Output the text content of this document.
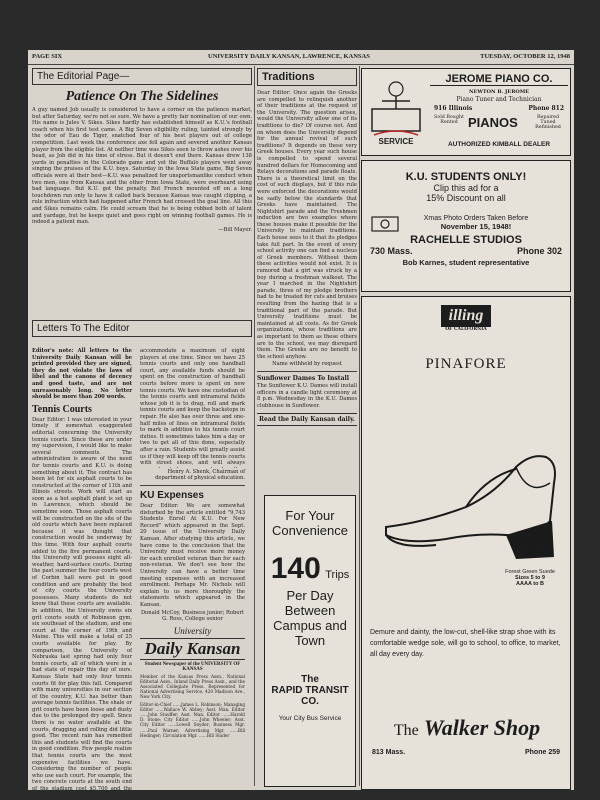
PAGE SIX	UNIVERSITY DAILY KANSAN, LAWRENCE, KANSAS	TUESDAY, OCTOBER 12, 1948
The Editorial Page—
Patience On The Sidelines
A guy named Job usually is considered to have a corner on the patience market, but after Saturday, we're not so sure. We have a pretty fair nomination of our own. His name is Jules V. Sikes. Sikes hardly has established himself as K.U.'s football coach when his first test came. A Big Seven eligibility ruling, tainted strongly by the odor of Eau de Tiger, snatched four of his best players out of college competition. Last week the conference axe fell again and severed another Kansas player from the eligible list. At neither time was Sikes seen to throw ashes over his head, as Job did in his time of stress. But it doesn't end there. Kansas drew 138 yards in penalties in the Colorado game and yet the Buffalo players went away singing the praises of the K.U. boys. Saturday in the Iowa State game, Big Seven officials were at their best—K.U. was penalized for unsportsmanlike conduct when two men, one from Kansas and the other from Iowa State, were overheard using bad language. But K.U. got the penalty. But French mounted off on a long touchdown run only to have it called back because Kansas was caught clipping, a rule infraction which had happened after French had crossed the goal line. All this and Sikes remains calm. He could scream that he is being robbed both of talent and yardage, but he keeps quiet and goes right on winning football games. He is indeed a patient man.
—Bill Mayer.
Letters To The Editor
Editor's note: All letters to the University Daily Kansan will be printed provided they are signed, they do not violate the laws of libel and the canons of decency and good taste, and are not unreasonably long. No letter should be more than 200 words.
Tennis Courts
Dear Editor: I was interested in your timely if somewhat exaggerated editorial concerning the University tennis courts. Since these are under my supervision, I would like to make several comments. The administration is aware of the need for tennis courts and K.U. is doing something about it. The contract has been let for six asphalt courts to be constructed at the corner of 11th and Illinois streets. Work will start as soon as a hot asphalt plant is set up in Lawrence, which should be sometime soon. Those asphalt courts will be constructed on the site of the old courts which have been replaced because it was thought that construction would be underway by this time. With four asphalt courts added to the five permanent courts, the University will possess eight all-weather, hard-surface courts. During the past summer the four courts west of Corbin hall were put in good condition and are probably the best of city courts the University possesses. Many students do not know that these courts are available. In addition, the University owns six grit courts south of Robinson gym, six southeast of the stadium, and one court at the corner of 19th and Maine. This will make a total of 25 courts available for play. By comparison, the University of Nebraska last spring had only four tennis courts, all of which were in a bad state of repair this day of ours. Kansas State had only four tennis courts fit for play this fall. Compared with many universities in our section of the country, K.U. has better than average tennis facilities. The shale or grit courts have been loose and dusty due to the prolonged dry spell. Since there is no water available at the courts, dragging and rolling did little good. The recent rain has remedied this and students will find the courts in good condition. Few people realize that tennis courts are the most expensive facilities we have. Considering the number of people who use each court. For example, the two concrete courts at the south end of the stadium cost $5,700 and the
accommodate a maximum of eight players at one time. Since we have 25 tennis courts and only one handball court, any available funds should be spent on the construction of handball courts before more is spent on new tennis courts. We have one custodian of the tennis courts and intramural fields whose job it is to drag, roll and mark tennis courts and keep the backstops in repair. He also has over three and one-half miles of lines on intramural fields to mark in addition to his tennis court duties. It sometimes takes him a day or two to get all of this done, especially after a rain. Students will greatly assist us if they will keep off the tennis courts with street shoes, and will always
Henry A. Shenk, Chairman of department of physical education.
KU Expenses
Dear Editor: We are somewhat disturbed by the article entitled "9,743 Students Enroll At K.U. For New Record" which appeared in the Sept. 20 issue of the University Daily Kansan. After studying this article, we have come to the conclusion that the University must receive more money for each enrolled veteran than for each non-veteran. We don't see how the University can have a better time meeting expenses with an increased enrollment. Perhaps Mr. Nichols will explain to us more thoroughly the statements which appeared in the Kansan.
Donald McCoy, Business junior; Robert G. Ross, College senior
University
Daily Kansan
Student Newspaper of the UNIVERSITY OF KANSAS
Member of the Kansas Press Assn., National Editorial Assn., Inland Daily Press Assn., and the Associated Collegiate Press. Represented for National Advertising Service, 420 Madison Ave., New York City.
Editor-in-Chief ......James L. Robinson; Managing Editor ......Wallace W. Abbey; Asst. Man. Editor ......John Stauffer; Asst. Man. Editor ......Harold D. Stone; City Editor ......John Wheeler; Asst. City Editor ......Lowell Snyder; Business Mgr. ......Paul Warner; Advertising Mgr. ......Bill Hedinger; Circulation Mgr. ......Bill Sluder
Traditions
Dear Editor: Once again the Greeks are compelled to relinquish another of their traditions at the request of the University. The question arises, would the University allow one of its traditions to die? Of course not. And on whom does the University depend for the annual revival of such traditions? It depends on these very Greek houses. Every year such house is compelled to spend several hundred dollars for Homecoming and Relays decorations and parade floats. There is a theoretical limit on the cost of such displays, but if this rule were enforced the decorations would be sadly below the standards that Greeks have maintained. The Nightshirt parade and the Freshmen induction are two examples where these houses make it possible for the University to maintain traditions. Each house sees to it that its pledges take full part. In the event of every school activity one can find a nucleus of Greek members. Without them these activities would not exist. It is rumored that a girl was struck by a boy during a freshman walkout. The year I marched in the Nightshirt parade, three of my pledge brothers had to be treated for cuts and bruises resulting from the hazing that is a traditional part of the parade. But University traditions must be maintained at all costs. As for Greek organizations, whose traditions are as important to them as these others are to the school, we may disregard them. The Greeks are no benefit to the school anyhow.
Name withheld by request
Sunflower Dames To Install
The Sunflower K.U. Dames will install officers in a candle light ceremony at 8 p.m. Wednesday in the K.U. Dames clubhouse in Sunflower.
Read the Daily Kansan daily.
For Your
Convenience
140 Trips
Per Day
Between
Campus and
Town
The
RAPID TRANSIT
CO.
Your City Bus Service
SERVICE
JEROME PIANO CO.
NEWTON B. JEROME
Piano Tuner and Technician
916 Illinois	Phone 812
Sold Bought Rented PIANOS	Repaired Tuned Refinished
AUTHORIZED KIMBALL DEALER
K.U. STUDENTS ONLY!
Clip this ad for a
15% Discount on all
Xmas Photo Orders Taken Before
November 15, 1948!
RACHELLE STUDIOS
730 Mass.	Phone 302
Bob Karnes, student representative
illing
OF CALIFORNIA
PINAFORE
$8.95
Forest Green Suede
Sizes 5 to 9
AAAA to B
Demure and dainty, the low-cut, shell-like strap shoe with its comfortable wedge sole, will go to school, to office, to market, all day every day.
The Walker Shop
813 Mass.	Phone 259
